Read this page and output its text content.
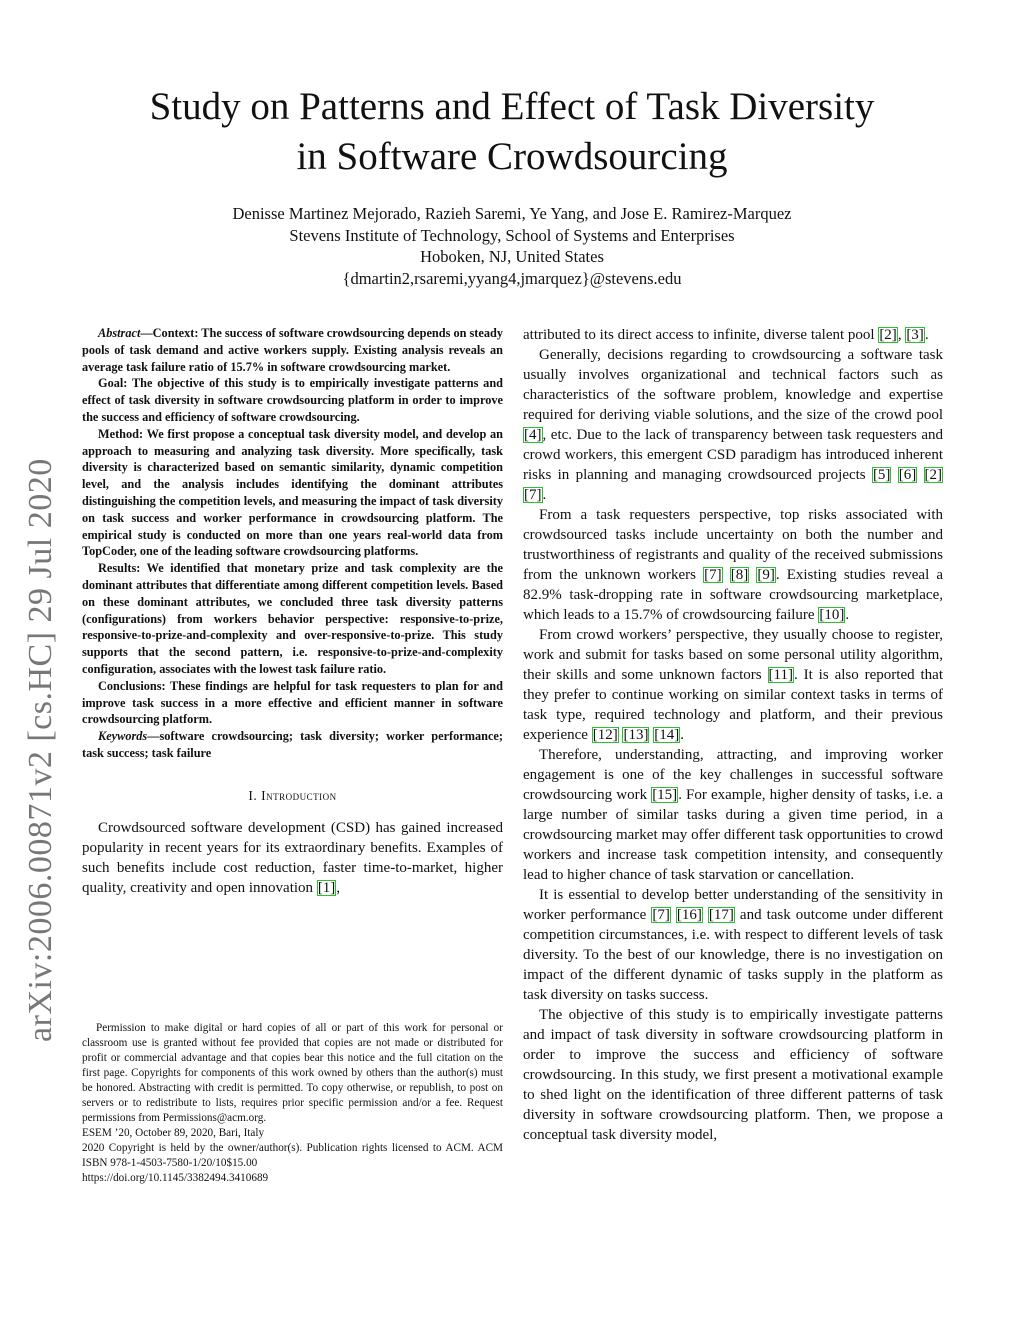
arXiv:2006.00871v2 [cs.HC] 29 Jul 2020
Study on Patterns and Effect of Task Diversity
in Software Crowdsourcing
Denisse Martinez Mejorado, Razieh Saremi, Ye Yang, and Jose E. Ramirez-Marquez
Stevens Institute of Technology, School of Systems and Enterprises
Hoboken, NJ, United States
{dmartin2,rsaremi,yyang4,jmarquez}@stevens.edu

Abstract—Context: The success of software crowdsourcing depends on steady pools of task demand and active workers supply. Existing analysis reveals an average task failure ratio of 15.7% in software crowdsourcing market.

Goal: The objective of this study is to empirically investigate patterns and effect of task diversity in software crowdsourcing platform in order to improve the success and efficiency of software crowdsourcing.

Method: We first propose a conceptual task diversity model, and develop an approach to measuring and analyzing task diversity. More specifically, task diversity is characterized based on semantic similarity, dynamic competition level, and the analysis includes identifying the dominant attributes distinguishing the competition levels, and measuring the impact of task diversity on task success and worker performance in crowdsourcing platform. The empirical study is conducted on more than one years real-world data from TopCoder, one of the leading software crowdsourcing platforms.

Results: We identified that monetary prize and task complexity are the dominant attributes that differentiate among different competition levels. Based on these dominant attributes, we concluded three task diversity patterns (configurations) from workers behavior perspective: responsive-to-prize, responsive-to-prize-and-complexity and over-responsive-to-prize. This study supports that the second pattern, i.e. responsive-to-prize-and-complexity configuration, associates with the lowest task failure ratio.

Conclusions: These findings are helpful for task requesters to plan for and improve task success in a more effective and efficient manner in software crowdsourcing platform.

Keywords—software crowdsourcing; task diversity; worker performance; task success; task failure

I. Introduction

Crowdsourced software development (CSD) has gained increased popularity in recent years for its extraordinary benefits. Examples of such benefits include cost reduction, faster time-to-market, higher quality, creativity and open innovation [1],

Permission to make digital or hard copies of all or part of this work for personal or classroom use is granted without fee provided that copies are not made or distributed for profit or commercial advantage and that copies bear this notice and the full citation on the first page. Copyrights for components of this work owned by others than the author(s) must be honored. Abstracting with credit is permitted. To copy otherwise, or republish, to post on servers or to redistribute to lists, requires prior specific permission and/or a fee. Request permissions from Permissions@acm.org.

ESEM ’20, October 89, 2020, Bari, Italy

2020 Copyright is held by the owner/author(s). Publication rights licensed to ACM. ACM ISBN 978-1-4503-7580-1/20/10$15.00

https://doi.org/10.1145/3382494.3410689

attributed to its direct access to infinite, diverse talent pool [2], [3].

Generally, decisions regarding to crowdsourcing a software task usually involves organizational and technical factors such as characteristics of the software problem, knowledge and expertise required for deriving viable solutions, and the size of the crowd pool [4], etc. Due to the lack of transparency between task requesters and crowd workers, this emergent CSD paradigm has introduced inherent risks in planning and managing crowdsourced projects [5] [6] [2] [7].

From a task requesters perspective, top risks associated with crowdsourced tasks include uncertainty on both the number and trustworthiness of registrants and quality of the received submissions from the unknown workers [7] [8] [9]. Existing studies reveal a 82.9% task-dropping rate in software crowdsourcing marketplace, which leads to a 15.7% of crowdsourcing failure [10].

From crowd workers’ perspective, they usually choose to register, work and submit for tasks based on some personal utility algorithm, their skills and some unknown factors [11]. It is also reported that they prefer to continue working on similar context tasks in terms of task type, required technology and platform, and their previous experience [12] [13] [14].

Therefore, understanding, attracting, and improving worker engagement is one of the key challenges in successful software crowdsourcing work [15]. For example, higher density of tasks, i.e. a large number of similar tasks during a given time period, in a crowdsourcing market may offer different task opportunities to crowd workers and increase task competition intensity, and consequently lead to higher chance of task starvation or cancellation.

It is essential to develop better understanding of the sensitivity in worker performance [7] [16] [17] and task outcome under different competition circumstances, i.e. with respect to different levels of task diversity. To the best of our knowledge, there is no investigation on impact of the different dynamic of tasks supply in the platform as task diversity on tasks success.

The objective of this study is to empirically investigate patterns and impact of task diversity in software crowdsourcing platform in order to improve the success and efficiency of software crowdsourcing. In this study, we first present a motivational example to shed light on the identification of three different patterns of task diversity in software crowdsourcing platform. Then, we propose a conceptual task diversity model,
